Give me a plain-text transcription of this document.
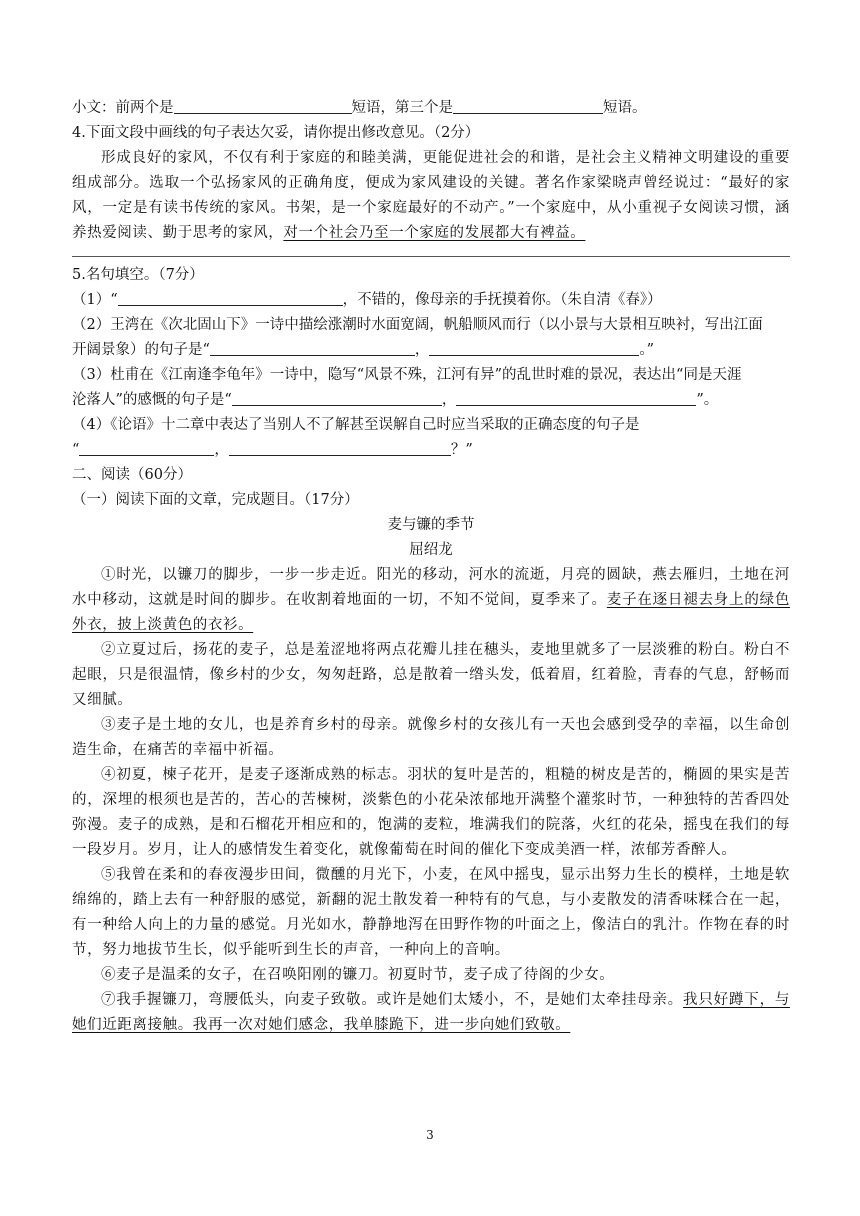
小文：前两个是	短语，第三个是	短语。
4.下面文段中画线的句子表达欠妥，请你提出修改意见。（2分）
形成良好的家风，不仅有利于家庭的和睦美满，更能促进社会的和谐，是社会主义精神文明建设的重要组成部分。选取一个弘扬家风的正确角度，便成为家风建设的关键。著名作家梁晓声曾经说过：“最好的家风，一定是有读书传统的家风。书架，是一个家庭最好的不动产。”一个家庭中，从小重视子女阅读习惯，涵养热爱阅读、勤于思考的家风，对一个社会乃至一个家庭的发展都大有裨益。
5.名句填空。（7分）
（1）“	，不错的，像母亲的手抚摸着你。（朱自清《春》）
（2）王湾在《次北固山下》一诗中描绘涨潮时水面宽阔，帆船顺风而行（以小景与大景相互映衬，写出江面
开阔景象）的句子是“	，	。”
（3）杜甫在《江南逢李龟年》一诗中，隐写“风景不殊，江河有异”的乱世时难的景况，表达出“同是天涯
沦落人”的感慨的句子是“	，	”。
（4）《论语》十二章中表达了当别人不了解甚至误解自己时应当采取的正确态度的句子是
“	，	？”
二、阅读（60分）
（一）阅读下面的文章，完成题目。（17分）
麦与镰的季节
屈绍龙
①时光，以镰刀的脚步，一步一步走近。阳光的移动，河水的流逝，月亮的圆缺，燕去雁归，土地在河水中移动，这就是时间的脚步。在收割着地面的一切，不知不觉间，夏季来了。麦子在逐日褪去身上的绿色外衣，披上淡黄色的衣衫。
②立夏过后，扬花的麦子，总是羞涩地将两点花瓣儿挂在穗头，麦地里就多了一层淡雅的粉白。粉白不起眼，只是很温情，像乡村的少女，匆匆赶路，总是散着一绺头发，低着眉，红着脸，青春的气息，舒畅而又细腻。
③麦子是土地的女儿，也是养育乡村的母亲。就像乡村的女孩儿有一天也会感到受孕的幸福，以生命创造生命，在痛苦的幸福中祈福。
④初夏，楝子花开，是麦子逐渐成熟的标志。羽状的复叶是苦的，粗糙的树皮是苦的，椭圆的果实是苦的，深埋的根须也是苦的，苦心的苦楝树，淡紫色的小花朵浓郁地开满整个灌浆时节，一种独特的苦香四处弥漫。麦子的成熟，是和石榴花开相应和的，饱满的麦粒，堆满我们的院落，火红的花朵，摇曳在我们的每一段岁月。岁月，让人的感情发生着变化，就像葡萄在时间的催化下变成美酒一样，浓郁芳香醉人。
⑤我曾在柔和的春夜漫步田间，微醺的月光下，小麦，在风中摇曳，显示出努力生长的模样，土地是软绵绵的，踏上去有一种舒服的感觉，新翻的泥土散发着一种特有的气息，与小麦散发的清香味糅合在一起，有一种给人向上的力量的感觉。月光如水，静静地泻在田野作物的叶面之上，像洁白的乳汁。作物在春的时节，努力地拔节生长，似乎能听到生长的声音，一种向上的音响。
⑥麦子是温柔的女子，在召唤阳刚的镰刀。初夏时节，麦子成了待阁的少女。
⑦我手握镰刀，弯腰低头，向麦子致敬。或许是她们太矮小，不，是她们太牵挂母亲。我只好蹲下，与她们近距离接触。我再一次对她们感念，我单膝跪下，进一步向她们致敬。
3
